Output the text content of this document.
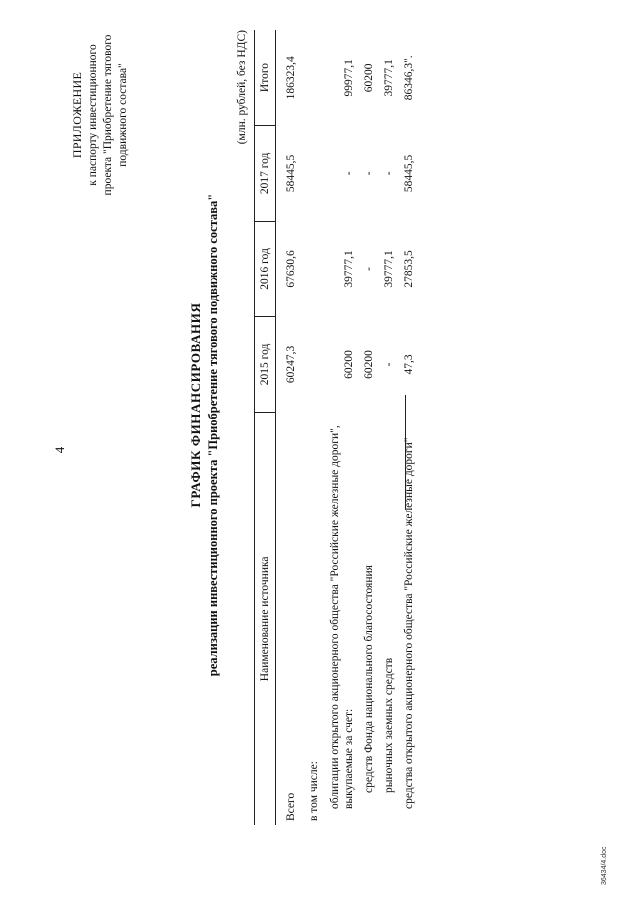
4
ПРИЛОЖЕНИЕ к паспорту инвестиционного проекта "Приобретение тягового подвижного состава"
ГРАФИК ФИНАНСИРОВАНИЯ реализации инвестиционного проекта "Приобретение тягового подвижного состава"
(млн. рублей, без НДС)
Наименование источника	2015 год	2016 год	2017 год	Итого
Всего	60247,3	67630,6	58445,5	186323,4
в том числе:				
облигации открытого акционерного общества "Российские железные дороги", выкупаемые за счет:	60200	39777,1	-	99977,1
средств Фонда национального благосостояния	60200	-	-	60200
рыночных заемных средств	-	39777,1	-	39777,1
средства открытого акционерного общества "Российские железные дороги"	47,3	27853,5	58445,5	86346,3".
36434/4.doc
